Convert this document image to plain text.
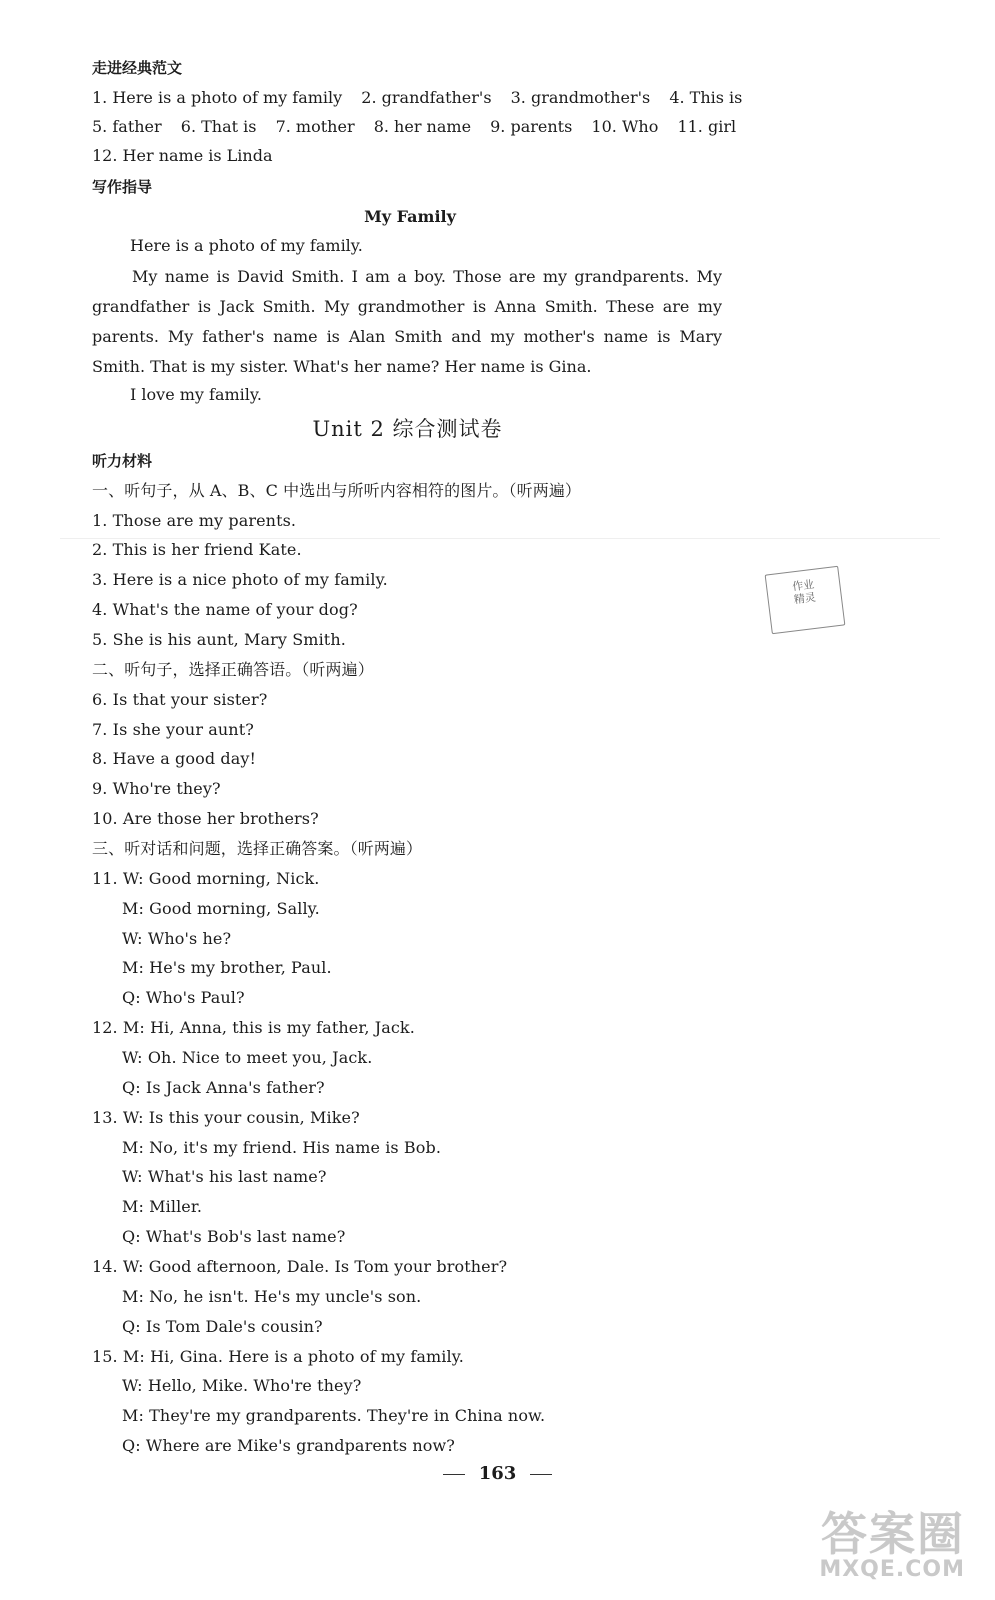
走进经典范文
1. Here is a photo of my family 2. grandfather's 3. grandmother's 4. This is
5. father 6. That is 7. mother 8. her name 9. parents 10. Who 11. girl
12. Her name is Linda
写作指导
My Family
Here is a photo of my family.
My name is David Smith. I am a boy. Those are my grandparents. My grandfather is Jack Smith. My grandmother is Anna Smith. These are my parents. My father's name is Alan Smith and my mother's name is Mary Smith. That is my sister. What's her name? Her name is Gina.
I love my family.
Unit 2 综合测试卷
听力材料
一、听句子，从 A、B、C 中选出与所听内容相符的图片。（听两遍）
1. Those are my parents.
2. This is her friend Kate.
3. Here is a nice photo of my family.
4. What's the name of your dog?
5. She is his aunt, Mary Smith.
二、听句子，选择正确答语。（听两遍）
6. Is that your sister?
7. Is she your aunt?
8. Have a good day!
9. Who're they?
10. Are those her brothers?
三、听对话和问题，选择正确答案。（听两遍）
11. W: Good morning, Nick.
M: Good morning, Sally.
W: Who's he?
M: He's my brother, Paul.
Q: Who's Paul?
12. M: Hi, Anna, this is my father, Jack.
W: Oh. Nice to meet you, Jack.
Q: Is Jack Anna's father?
13. W: Is this your cousin, Mike?
M: No, it's my friend. His name is Bob.
W: What's his last name?
M: Miller.
Q: What's Bob's last name?
14. W: Good afternoon, Dale. Is Tom your brother?
M: No, he isn't. He's my uncle's son.
Q: Is Tom Dale's cousin?
15. M: Hi, Gina. Here is a photo of my family.
W: Hello, Mike. Who're they?
M: They're my grandparents. They're in China now.
Q: Where are Mike's grandparents now?
163
作业
精灵
答案圈
MXQE.COM
